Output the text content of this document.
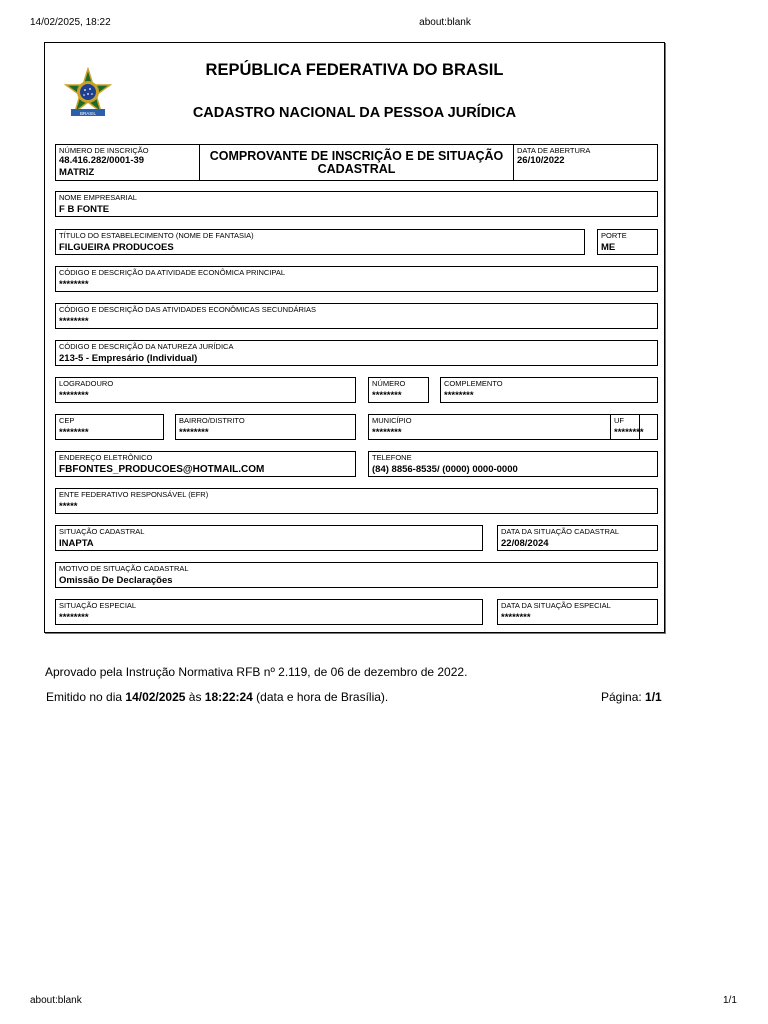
14/02/2025, 18:22	about:blank
BRASIL
REPÚBLICA FEDERATIVA DO BRASIL
CADASTRO NACIONAL DA PESSOA JURÍDICA
NÚMERO DE INSCRIÇÃO
48.416.282/0001-39
MATRIZ
COMPROVANTE DE INSCRIÇÃO E DE SITUAÇÃO CADASTRAL
DATA DE ABERTURA
26/10/2022
NOME EMPRESARIAL
F B FONTE
TÍTULO DO ESTABELECIMENTO (NOME DE FANTASIA)
FILGUEIRA PRODUCOES
PORTE
ME
CÓDIGO E DESCRIÇÃO DA ATIVIDADE ECONÔMICA PRINCIPAL
********
CÓDIGO E DESCRIÇÃO DAS ATIVIDADES ECONÔMICAS SECUNDÁRIAS
********
CÓDIGO E DESCRIÇÃO DA NATUREZA JURÍDICA
213-5 - Empresário (Individual)
LOGRADOURO
********
NÚMERO
********
COMPLEMENTO
********
CEP
********
BAIRRO/DISTRITO
********
MUNICÍPIO
********
UF
********
ENDEREÇO ELETRÔNICO
FBFONTES_PRODUCOES@HOTMAIL.COM
TELEFONE
(84) 8856-8535/ (0000) 0000-0000
ENTE FEDERATIVO RESPONSÁVEL (EFR)
*****
SITUAÇÃO CADASTRAL
INAPTA
DATA DA SITUAÇÃO CADASTRAL
22/08/2024
MOTIVO DE SITUAÇÃO CADASTRAL
Omissão De Declarações
SITUAÇÃO ESPECIAL
********
DATA DA SITUAÇÃO ESPECIAL
********
Aprovado pela Instrução Normativa RFB nº 2.119, de 06 de dezembro de 2022.
Emitido no dia 14/02/2025 às 18:22:24 (data e hora de Brasília).	Página: 1/1
about:blank	1/1
